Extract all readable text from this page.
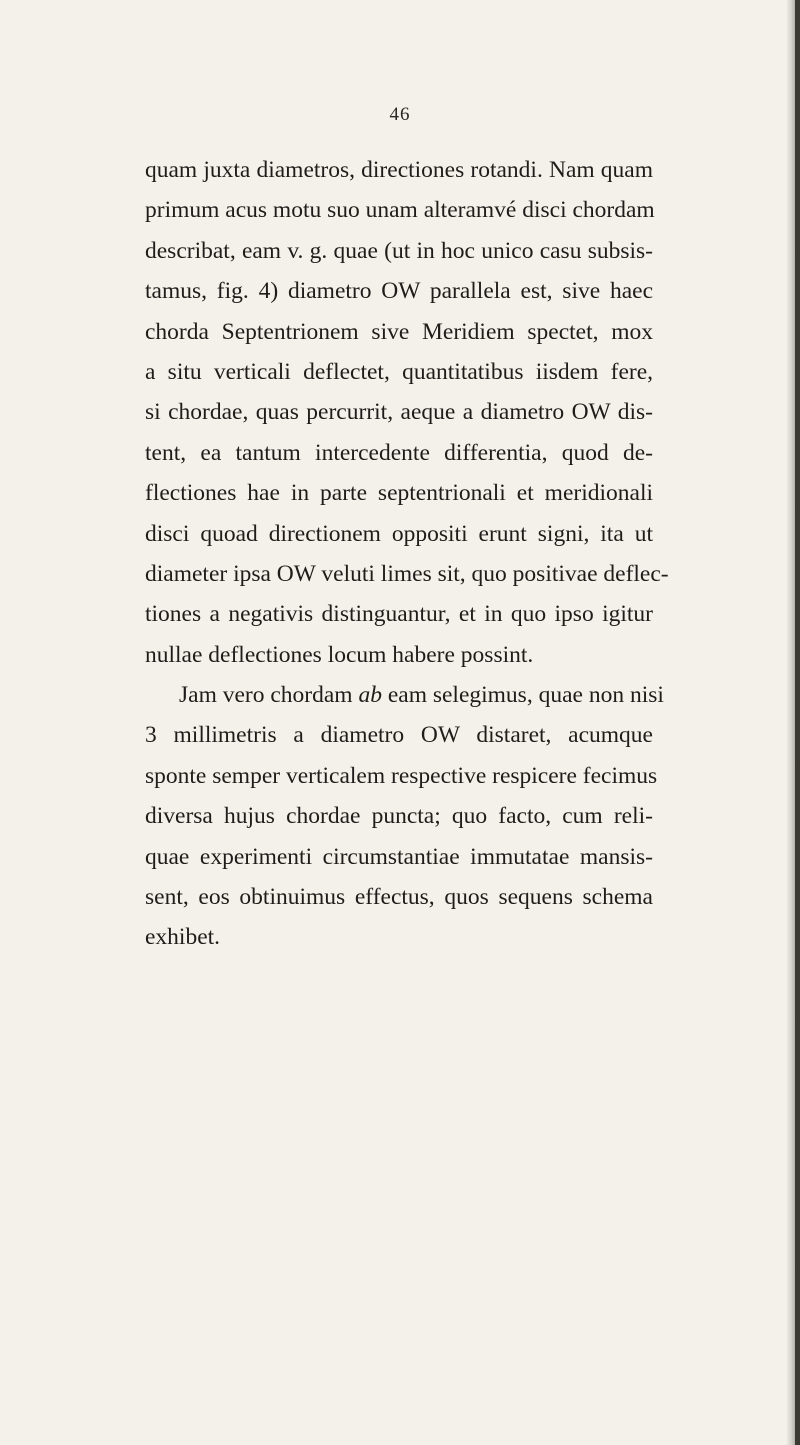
46
quam juxta diametros, directiones rotandi. Nam quam
primum acus motu suo unam alteramvé disci chordam
describat, eam v. g. quae (ut in hoc unico casu subsis-
tamus, fig. 4) diametro OW parallela est, sive haec
chorda Septentrionem sive Meridiem spectet, mox
a situ verticali deflectet, quantitatibus iisdem fere,
si chordae, quas percurrit, aeque a diametro OW dis-
tent, ea tantum intercedente differentia, quod de-
flectiones hae in parte septentrionali et meridionali
disci quoad directionem oppositi erunt signi, ita ut
diameter ipsa OW veluti limes sit, quo positivae deflec-
tiones a negativis distinguantur, et in quo ipso igitur
nullae deflectiones locum habere possint.
Jam vero chordam ab eam selegimus, quae non nisi
3 millimetris a diametro OW distaret, acumque
sponte semper verticalem respective respicere fecimus
diversa hujus chordae puncta; quo facto, cum reli-
quae experimenti circumstantiae immutatae mansis-
sent, eos obtinuimus effectus, quos sequens schema
exhibet.
